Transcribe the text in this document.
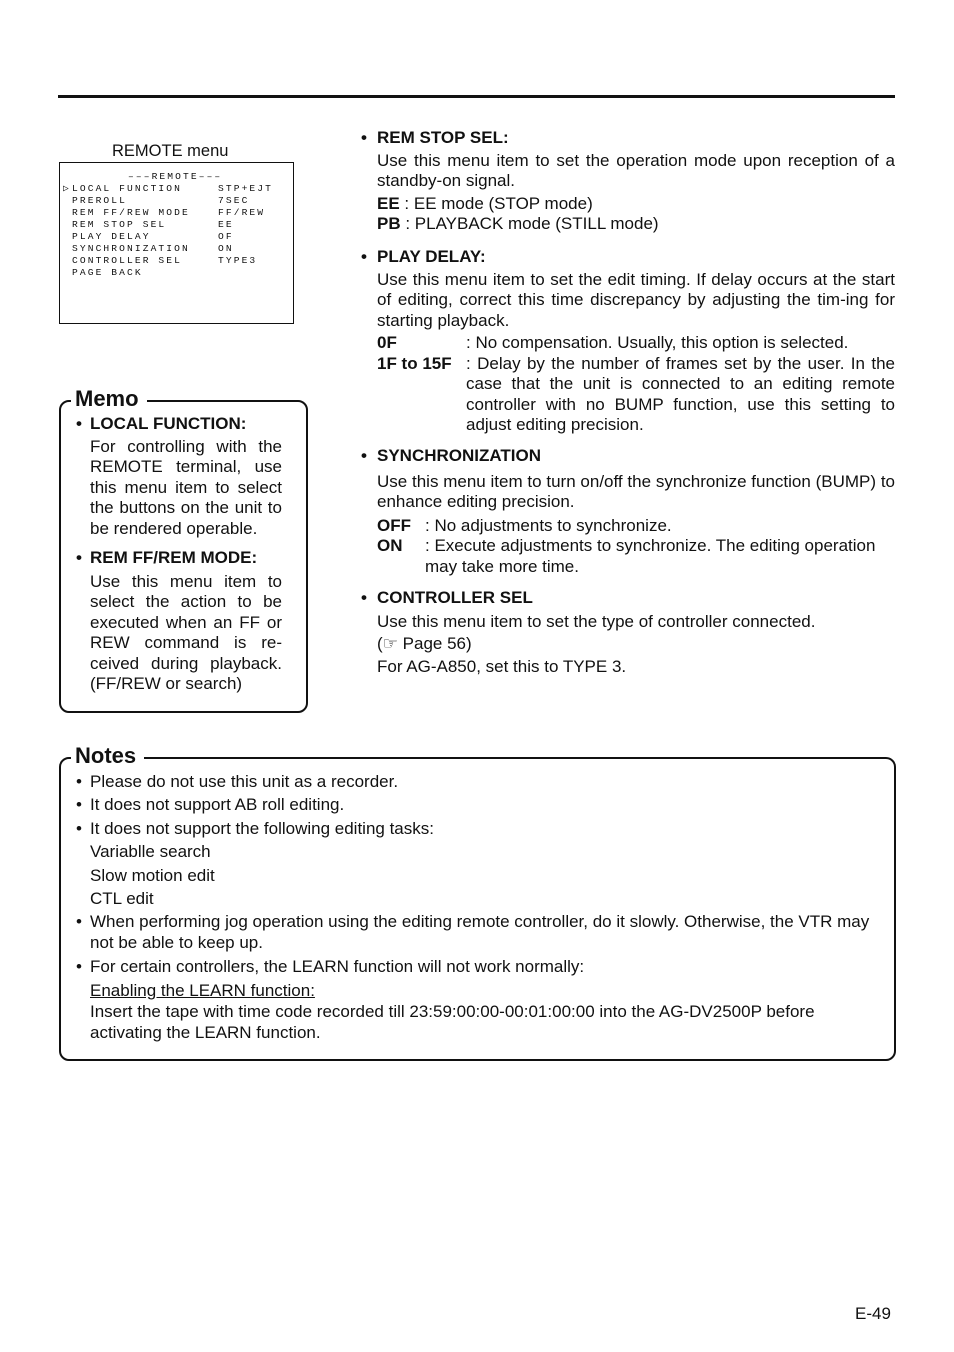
REMOTE menu
–––REMOTE–––
▷LOCAL FUNCTION	STP+EJT
PREROLL	7SEC
REM FF/REW MODE	FF/REW
REM STOP SEL	EE
PLAY DELAY	OF
SYNCHRONIZATION	ON
CONTROLLER SEL	TYPE3
PAGE BACK
• REM STOP SEL:
Use this menu item to set the operation mode upon reception of a standby-on signal.
EE : EE mode (STOP mode)
PB : PLAYBACK mode (STILL mode)
• PLAY DELAY:
Use this menu item to set the edit timing. If delay occurs at the start of editing, correct this time discrepancy by adjusting the tim-ing for starting playback.
0F	: No compensation. Usually, this option is selected.
1F to 15F : Delay by the number of frames set by the user. In the case that the unit is connected to an editing remote controller with no BUMP function, use this setting to adjust editing precision.
• SYNCHRONIZATION
Use this menu item to turn on/off the synchronize function (BUMP) to enhance editing precision.
OFF : No adjustments to synchronize.
ON	: Execute adjustments to synchronize. The editing operation may take more time.
• CONTROLLER SEL
Use this menu item to set the type of controller connected.
(☞ Page 56)
For AG-A850, set this to TYPE 3.
Memo
• LOCAL FUNCTION:
For controlling with the REMOTE terminal, use this menu item to select the buttons on the unit to be rendered operable.
• REM FF/REM MODE:
Use this menu item to select the action to be executed when an FF or REW command is re-ceived during playback. (FF/REW or search)
Notes
• Please do not use this unit as a recorder.
• It does not support AB roll editing.
• It does not support the following editing tasks:
Variablle search
Slow motion edit
CTL edit
• When performing jog operation using the editing remote controller, do it slowly. Otherwise, the VTR may not be able to keep up.
• For certain controllers, the LEARN function will not work normally:
Enabling the LEARN function:
Insert the tape with time code recorded till 23:59:00:00-00:01:00:00 into the AG-DV2500P before activating the LEARN function.
E-49
